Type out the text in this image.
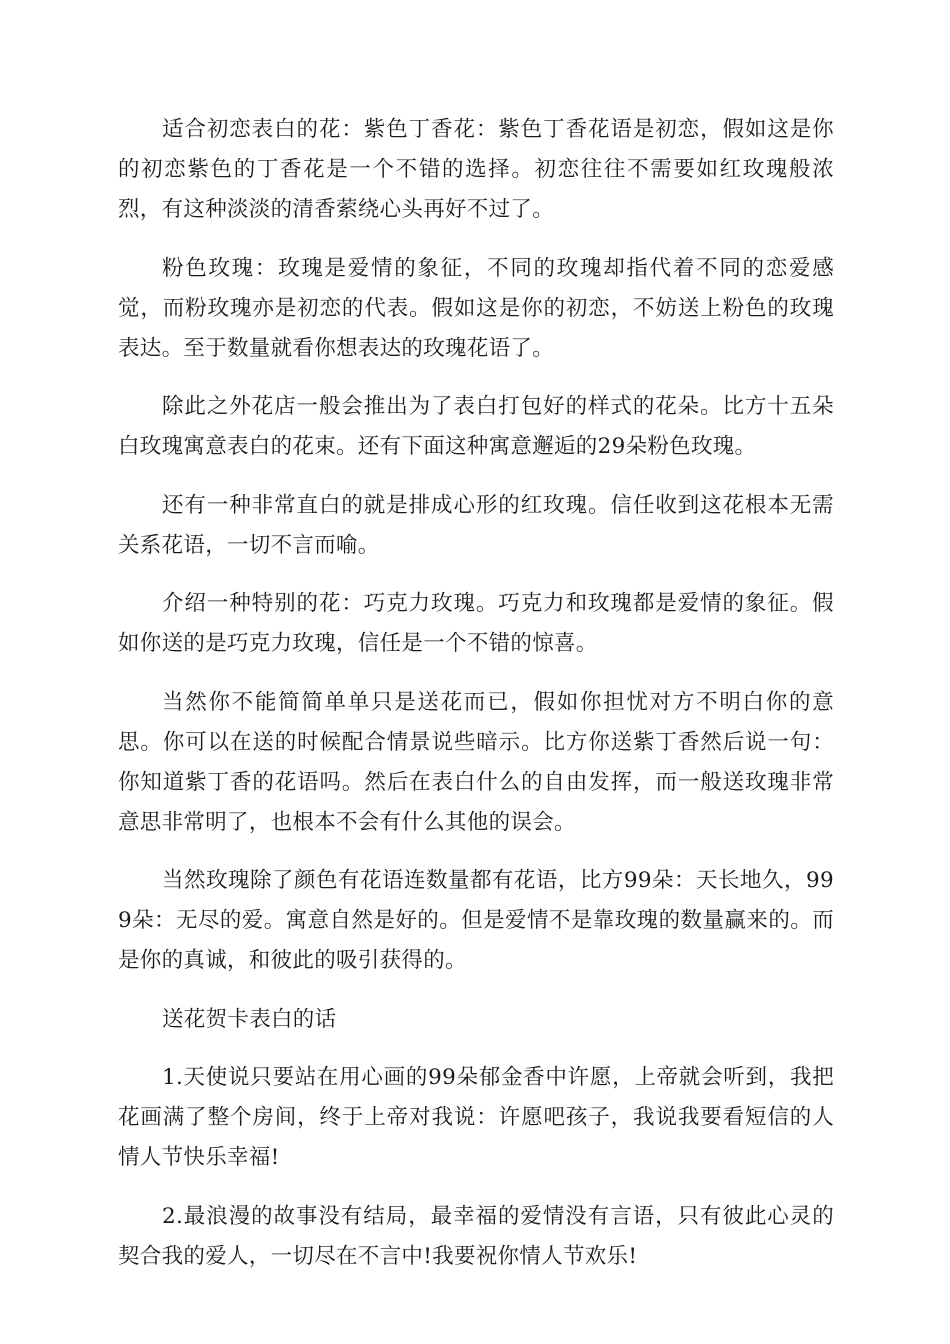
适合初恋表白的花：紫色丁香花：紫色丁香花语是初恋，假如这是你的初恋紫色的丁香花是一个不错的选择。初恋往往不需要如红玫瑰般浓烈，有这种淡淡的清香萦绕心头再好不过了。

粉色玫瑰：玫瑰是爱情的象征，不同的玫瑰却指代着不同的恋爱感觉，而粉玫瑰亦是初恋的代表。假如这是你的初恋，不妨送上粉色的玫瑰表达。至于数量就看你想表达的玫瑰花语了。

除此之外花店一般会推出为了表白打包好的样式的花朵。比方十五朵白玫瑰寓意表白的花束。还有下面这种寓意邂逅的29朵粉色玫瑰。

还有一种非常直白的就是排成心形的红玫瑰。信任收到这花根本无需关系花语，一切不言而喻。

介绍一种特别的花：巧克力玫瑰。巧克力和玫瑰都是爱情的象征。假如你送的是巧克力玫瑰，信任是一个不错的惊喜。

当然你不能简简单单只是送花而已，假如你担忧对方不明白你的意思。你可以在送的时候配合情景说些暗示。比方你送紫丁香然后说一句：你知道紫丁香的花语吗。然后在表白什么的自由发挥，而一般送玫瑰非常意思非常明了，也根本不会有什么其他的误会。

当然玫瑰除了颜色有花语连数量都有花语，比方99朵：天长地久，999朵：无尽的爱。寓意自然是好的。但是爱情不是靠玫瑰的数量赢来的。而是你的真诚，和彼此的吸引获得的。

送花贺卡表白的话

1.天使说只要站在用心画的99朵郁金香中许愿，上帝就会听到，我把花画满了整个房间，终于上帝对我说：许愿吧孩子，我说我要看短信的人情人节快乐幸福!

2.最浪漫的故事没有结局，最幸福的爱情没有言语，只有彼此心灵的契合我的爱人，一切尽在不言中!我要祝你情人节欢乐!
